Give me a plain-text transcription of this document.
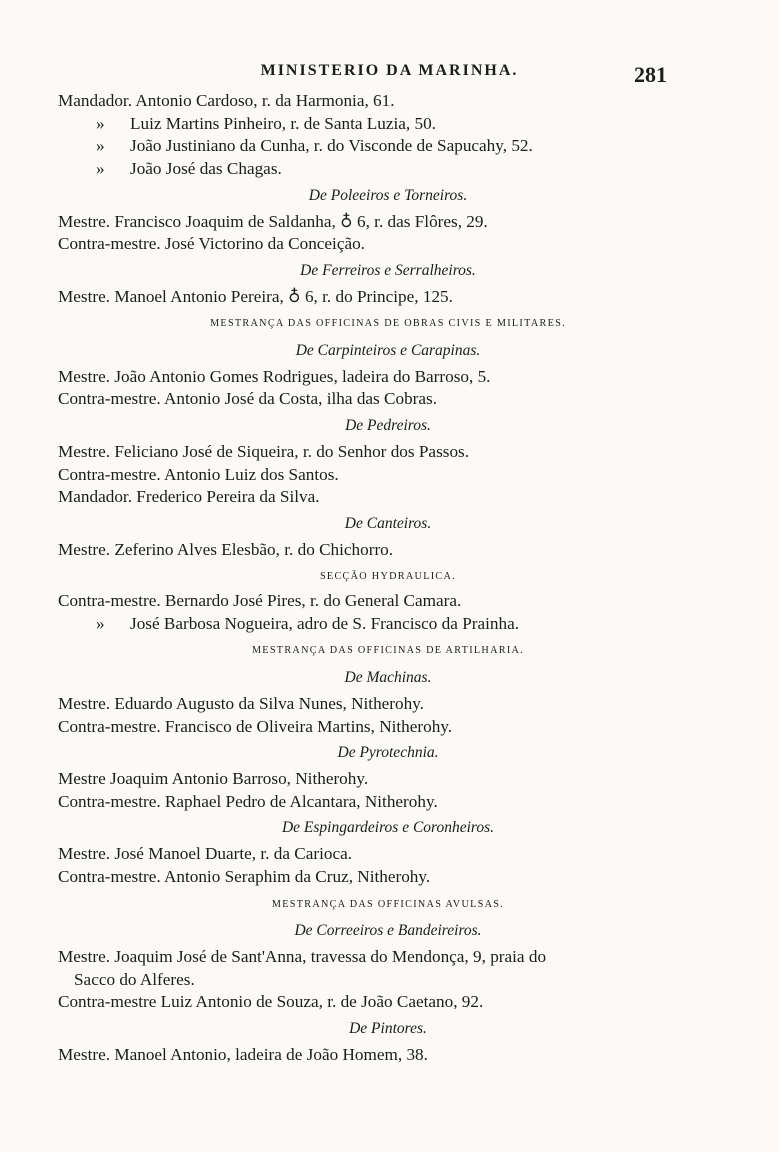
MINISTERIO DA MARINHA.	281
Mandador. Antonio Cardoso, r. da Harmonia, 61.
» Luiz Martins Pinheiro, r. de Santa Luzia, 50.
» João Justiniano da Cunha, r. do Visconde de Sapucahy, 52.
» João José das Chagas.
De Poleeiros e Torneiros.
Mestre. Francisco Joaquim de Saldanha, ♁ 6, r. das Flôres, 29.
Contra-mestre. José Victorino da Conceição.
De Ferreiros e Serralheiros.
Mestre. Manoel Antonio Pereira, ♁ 6, r. do Principe, 125.
MESTRANÇA DAS OFFICINAS DE OBRAS CIVIS E MILITARES.
De Carpinteiros e Carapinas.
Mestre. João Antonio Gomes Rodrigues, ladeira do Barroso, 5.
Contra-mestre. Antonio José da Costa, ilha das Cobras.
De Pedreiros.
Mestre. Feliciano José de Siqueira, r. do Senhor dos Passos.
Contra-mestre. Antonio Luiz dos Santos.
Mandador. Frederico Pereira da Silva.
De Canteiros.
Mestre. Zeferino Alves Elesbão, r. do Chichorro.
SECÇÃO HYDRAULICA.
Contra-mestre. Bernardo José Pires, r. do General Camara.
» José Barbosa Nogueira, adro de S. Francisco da Prainha.
MESTRANÇA DAS OFFICINAS DE ARTILHARIA.
De Machinas.
Mestre. Eduardo Augusto da Silva Nunes, Nitherohy.
Contra-mestre. Francisco de Oliveira Martins, Nitherohy.
De Pyrotechnia.
Mestre Joaquim Antonio Barroso, Nitherohy.
Contra-mestre. Raphael Pedro de Alcantara, Nitherohy.
De Espingardeiros e Coronheiros.
Mestre. José Manoel Duarte, r. da Carioca.
Contra-mestre. Antonio Seraphim da Cruz, Nitherohy.
MESTRANÇA DAS OFFICINAS AVULSAS.
De Correeiros e Bandeireiros.
Mestre. Joaquim José de Sant'Anna, travessa do Mendonça, 9, praia do
Sacco do Alferes.
Contra-mestre Luiz Antonio de Souza, r. de João Caetano, 92.
De Pintores.
Mestre. Manoel Antonio, ladeira de João Homem, 38.
